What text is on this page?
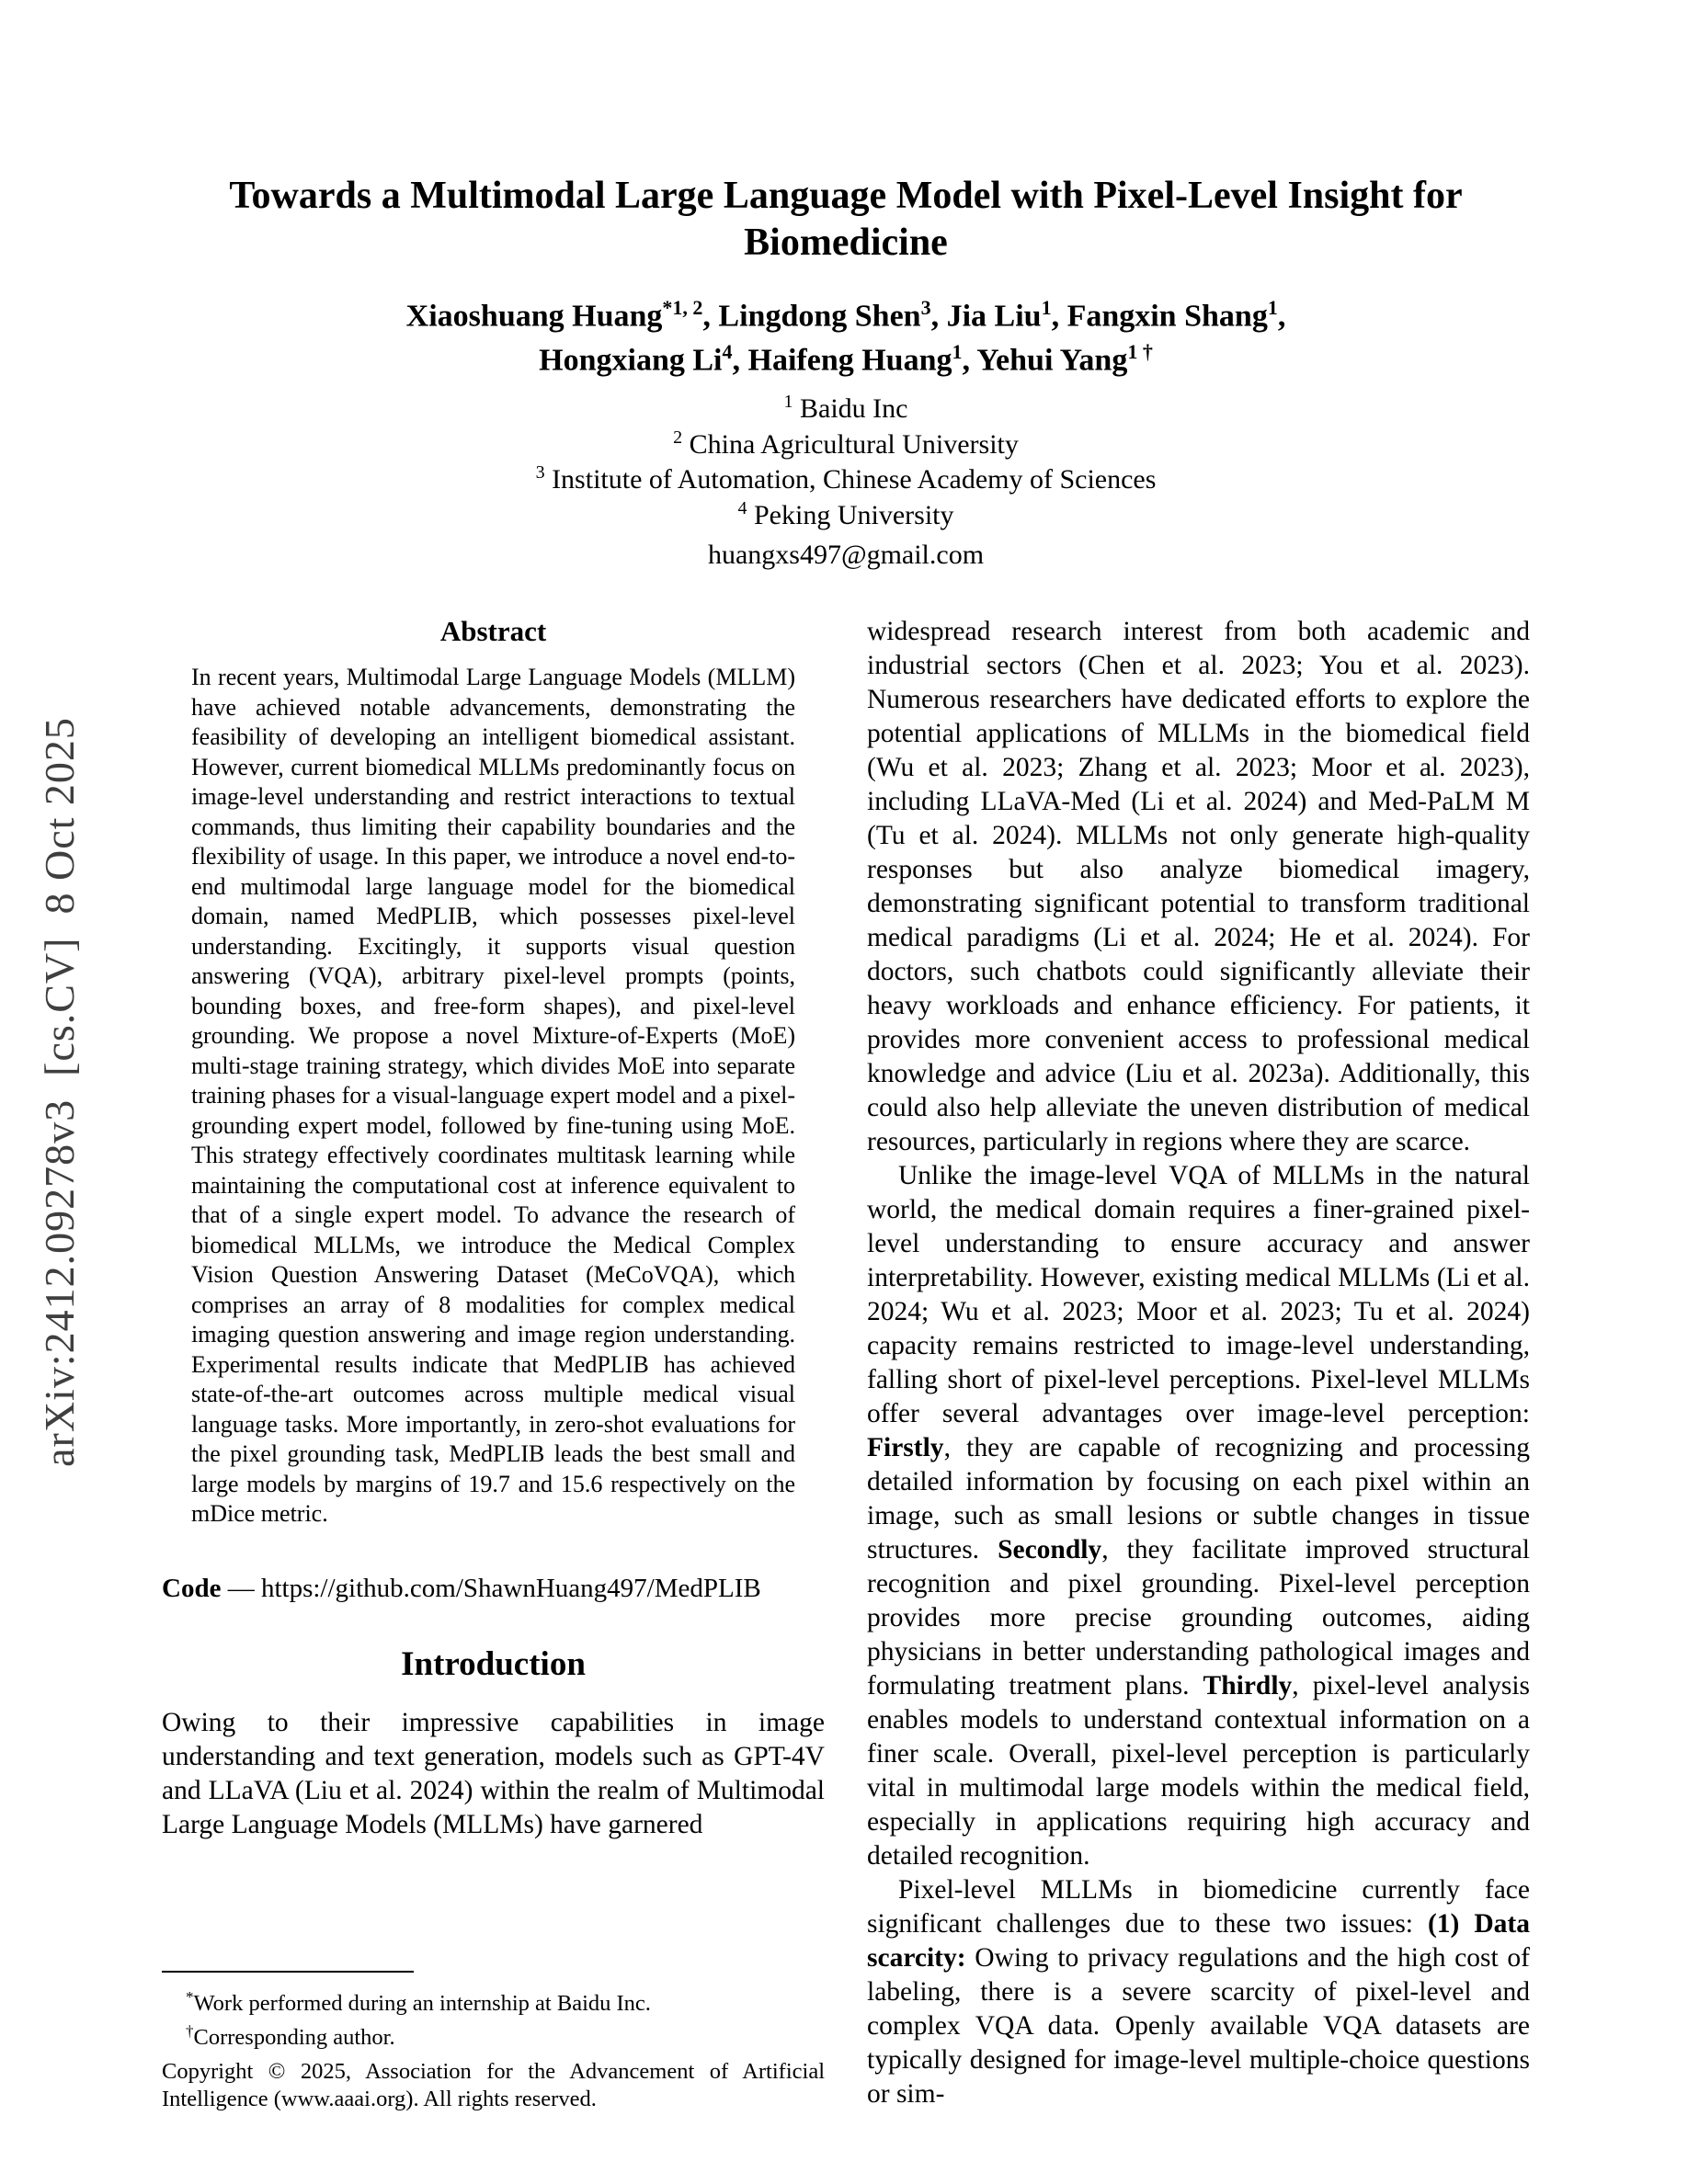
arXiv:2412.09278v3  [cs.CV]  8 Oct 2025
Towards a Multimodal Large Language Model with Pixel-Level Insight for Biomedicine
Xiaoshuang Huang$^{*1, 2}$, Lingdong Shen$^3$, Jia Liu$^1$, Fangxin Shang$^1$,
Hongxiang Li$^4$, Haifeng Huang$^1$, Yehui Yang$^{1 \dagger}$
$^1$ Baidu Inc
$^2$ China Agricultural University
$^3$ Institute of Automation, Chinese Academy of Sciences
$^4$ Peking University
huangxs497@gmail.com
Abstract

In recent years, Multimodal Large Language Models (MLLM) have achieved notable advancements, demonstrating the feasibility of developing an intelligent biomedical assistant. However, current biomedical MLLMs predominantly focus on image-level understanding and restrict interactions to textual commands, thus limiting their capability boundaries and the flexibility of usage. In this paper, we introduce a novel end-to-end multimodal large language model for the biomedical domain, named MedPLIB, which possesses pixel-level understanding. Excitingly, it supports visual question answering (VQA), arbitrary pixel-level prompts (points, bounding boxes, and free-form shapes), and pixel-level grounding. We propose a novel Mixture-of-Experts (MoE) multi-stage training strategy, which divides MoE into separate training phases for a visual-language expert model and a pixel-grounding expert model, followed by fine-tuning using MoE. This strategy effectively coordinates multitask learning while maintaining the computational cost at inference equivalent to that of a single expert model. To advance the research of biomedical MLLMs, we introduce the Medical Complex Vision Question Answering Dataset (MeCoVQA), which comprises an array of 8 modalities for complex medical imaging question answering and image region understanding. Experimental results indicate that MedPLIB has achieved state-of-the-art outcomes across multiple medical visual language tasks. More importantly, in zero-shot evaluations for the pixel grounding task, MedPLIB leads the best small and large models by margins of 19.7 and 15.6 respectively on the mDice metric.

Code — https://github.com/ShawnHuang497/MedPLIB

Introduction

Owing to their impressive capabilities in image understanding and text generation, models such as GPT-4V and LLaVA (Liu et al. 2024) within the realm of Multimodal Large Language Models (MLLMs) have garnered

*Work performed during an internship at Baidu Inc.

†Corresponding author.

Copyright © 2025, Association for the Advancement of Artificial Intelligence (www.aaai.org). All rights reserved.

widespread research interest from both academic and industrial sectors (Chen et al. 2023; You et al. 2023). Numerous researchers have dedicated efforts to explore the potential applications of MLLMs in the biomedical field (Wu et al. 2023; Zhang et al. 2023; Moor et al. 2023), including LLaVA-Med (Li et al. 2024) and Med-PaLM M (Tu et al. 2024). MLLMs not only generate high-quality responses but also analyze biomedical imagery, demonstrating significant potential to transform traditional medical paradigms (Li et al. 2024; He et al. 2024). For doctors, such chatbots could significantly alleviate their heavy workloads and enhance efficiency. For patients, it provides more convenient access to professional medical knowledge and advice (Liu et al. 2023a). Additionally, this could also help alleviate the uneven distribution of medical resources, particularly in regions where they are scarce.

Unlike the image-level VQA of MLLMs in the natural world, the medical domain requires a finer-grained pixel-level understanding to ensure accuracy and answer interpretability. However, existing medical MLLMs (Li et al. 2024; Wu et al. 2023; Moor et al. 2023; Tu et al. 2024) capacity remains restricted to image-level understanding, falling short of pixel-level perceptions. Pixel-level MLLMs offer several advantages over image-level perception: Firstly, they are capable of recognizing and processing detailed information by focusing on each pixel within an image, such as small lesions or subtle changes in tissue structures. Secondly, they facilitate improved structural recognition and pixel grounding. Pixel-level perception provides more precise grounding outcomes, aiding physicians in better understanding pathological images and formulating treatment plans. Thirdly, pixel-level analysis enables models to understand contextual information on a finer scale. Overall, pixel-level perception is particularly vital in multimodal large models within the medical field, especially in applications requiring high accuracy and detailed recognition.

Pixel-level MLLMs in biomedicine currently face significant challenges due to these two issues: (1) Data scarcity: Owing to privacy regulations and the high cost of labeling, there is a severe scarcity of pixel-level and complex VQA data. Openly available VQA datasets are typically designed for image-level multiple-choice questions or sim-
